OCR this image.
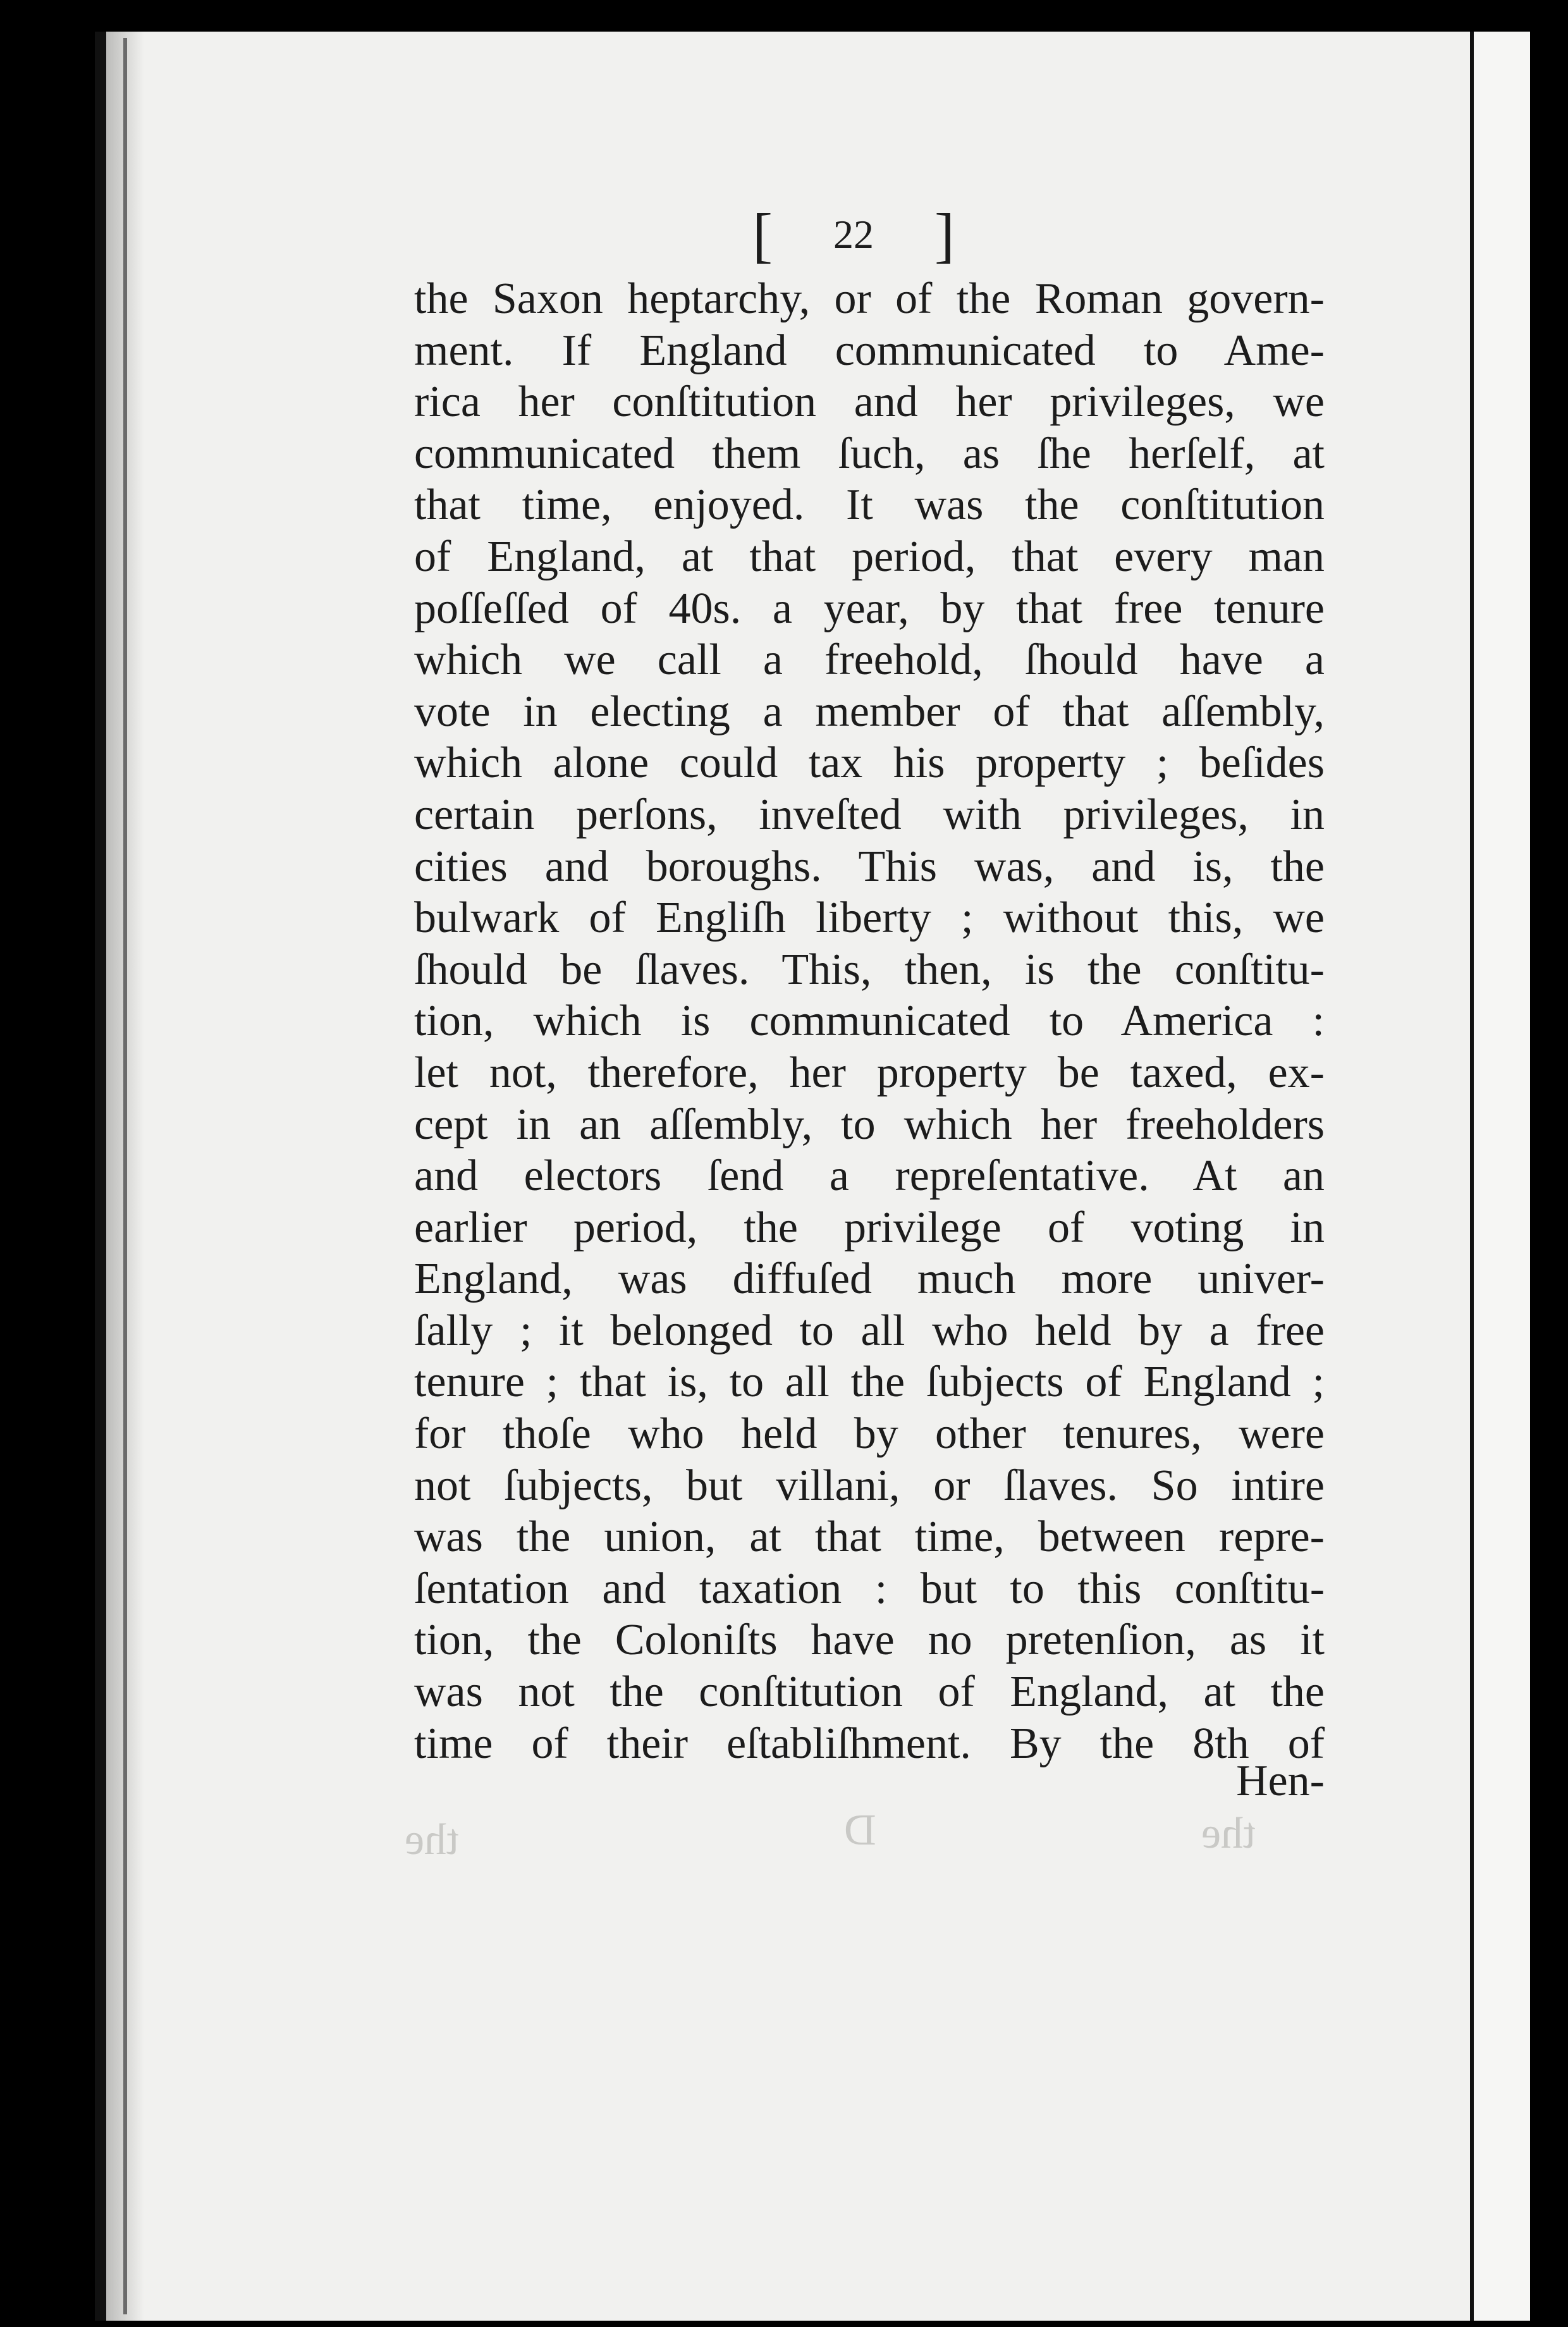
D	the
the
[	22	]
the Saxon heptarchy, or of the Roman govern-
ment. If England communicated to Ame-
rica her conſtitution and her privileges, we
communicated them ſuch, as ſhe herſelf, at
that time, enjoyed. It was the conſtitution
of England, at that period, that every man
poſſeſſed of 40s. a year, by that free tenure
which we call a freehold, ſhould have a
vote in electing a member of that aſſembly,
which alone could tax his property ; beſides
certain perſons, inveſted with privileges, in
cities and boroughs. This was, and is, the
bulwark of Engliſh liberty ; without this, we
ſhould be ſlaves. This, then, is the conſtitu-
tion, which is communicated to America :
let not, therefore, her property be taxed, ex-
cept in an aſſembly, to which her freeholders
and electors ſend a repreſentative. At an
earlier period, the privilege of voting in
England, was diffuſed much more univer-
ſally ; it belonged to all who held by a free
tenure ; that is, to all the ſubjects of England ;
for thoſe who held by other tenures, were
not ſubjects, but villani, or ſlaves. So intire
was the union, at that time, between repre-
ſentation and taxation : but to this conſtitu-
tion, the Coloniſts have no pretenſion, as it
was not the conſtitution of England, at the
time of their eſtabliſhment. By the 8th of
Hen-
